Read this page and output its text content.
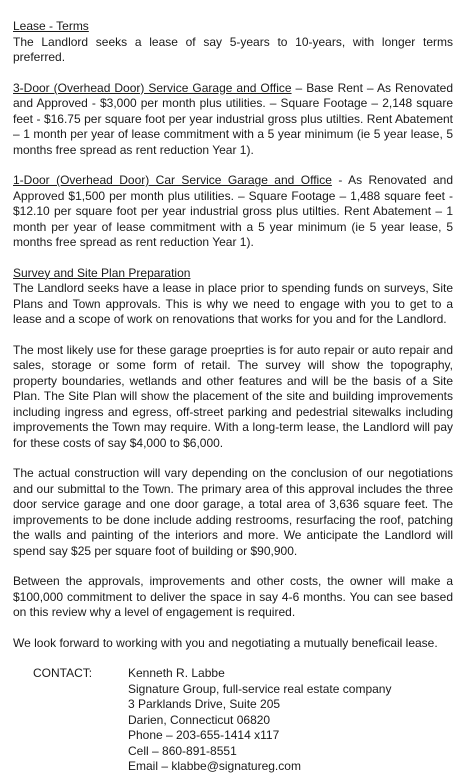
Lease - Terms
The Landlord seeks a lease of say 5-years to 10-years, with longer terms preferred.

3-Door (Overhead Door) Service Garage and Office – Base Rent – As Renovated and Approved - $3,000 per month plus utilities. – Square Footage – 2,148 square feet - $16.75 per square foot per year industrial gross plus utilties. Rent Abatement – 1 month per year of lease commitment with a 5 year minimum (ie 5 year lease, 5 months free spread as rent reduction Year 1).

1-Door (Overhead Door) Car Service Garage and Office - As Renovated and Approved $1,500 per month plus utilities. – Square Footage – 1,488 square feet - $12.10 per square foot per year industrial gross plus utilties. Rent Abatement – 1 month per year of lease commitment with a 5 year minimum (ie 5 year lease, 5 months free spread as rent reduction Year 1).

Survey and Site Plan Preparation
The Landlord seeks have a lease in place prior to spending funds on surveys, Site Plans and Town approvals. This is why we need to engage with you to get to a lease and a scope of work on renovations that works for you and for the Landlord.

The most likely use for these garage proeprties is for auto repair or auto repair and sales, storage or some form of retail. The survey will show the topography, property boundaries, wetlands and other features and will be the basis of a Site Plan. The Site Plan will show the placement of the site and building improvements including ingress and egress, off-street parking and pedestrial sitewalks including improvements the Town may require. With a long-term lease, the Landlord will pay for these costs of say $4,000 to $6,000.

The actual construction will vary depending on the conclusion of our negotiations and our submittal to the Town. The primary area of this approval includes the three door service garage and one door garage, a total area of 3,636 square feet. The improvements to be done include adding restrooms, resurfacing the roof, patching the walls and painting of the interiors and more. We anticipate the Landlord will spend say $25 per square foot of building or $90,900.

Between the approvals, improvements and other costs, the owner will make a $100,000 commitment to deliver the space in say 4-6 months. You can see based on this review why a level of engagement is required.

We look forward to working with you and negotiating a mutually beneficail lease.

CONTACT:	Kenneth R. Labbe
Signature Group, full-service real estate company
3 Parklands Drive, Suite 205
Darien, Connecticut 06820
Phone – 203-655-1414 x117
Cell – 860-891-8551
Email – klabbe@signatureg.com
